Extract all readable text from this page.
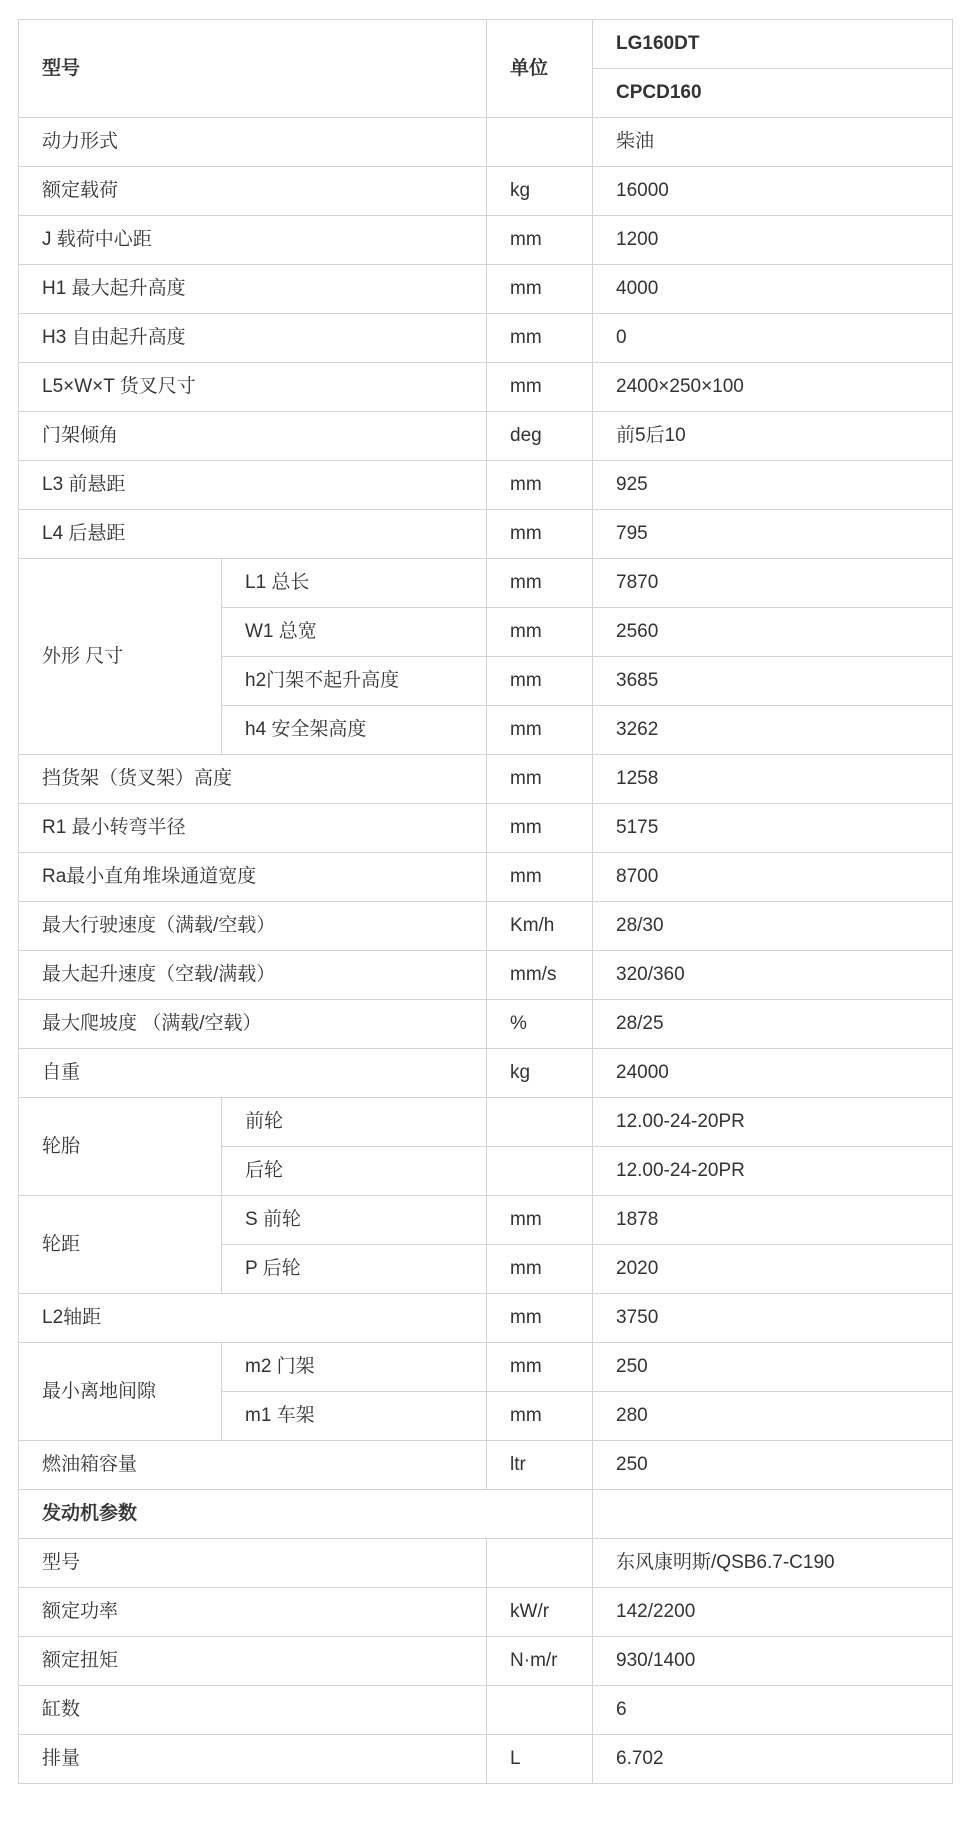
型号		单位	LG160DT
			CPCD160
动力形式			柴油
额定载荷		kg	16000
J 载荷中心距		mm	1200
H1 最大起升高度		mm	4000
H3 自由起升高度		mm	0
L5×W×T 货叉尺寸		mm	2400×250×100
门架倾角		deg	前5后10
L3 前悬距		mm	925
L4 后悬距		mm	795
外形 尺寸	L1 总长	mm	7870
	W1 总宽	mm	2560
	h2门架不起升高度	mm	3685
	h4 安全架高度	mm	3262
挡货架（货叉架）高度		mm	1258
R1 最小转弯半径		mm	5175
Ra最小直角堆垛通道宽度		mm	8700
最大行驶速度（满载/空载）		Km/h	28/30
最大起升速度（空载/满载）		mm/s	320/360
最大爬坡度 （满载/空载）		%	28/25
自重		kg	24000
轮胎	前轮		12.00-24-20PR
	后轮		12.00-24-20PR
轮距	S 前轮	mm	1878
	P 后轮	mm	2020
L2轴距		mm	3750
最小离地间隙	m2 门架	mm	250
	m1 车架	mm	280
燃油箱容量		ltr	250
发动机参数			
型号			东风康明斯/QSB6.7-C190
额定功率		kW/r	142/2200
额定扭矩		N·m/r	930/1400
缸数			6
排量		L	6.702
